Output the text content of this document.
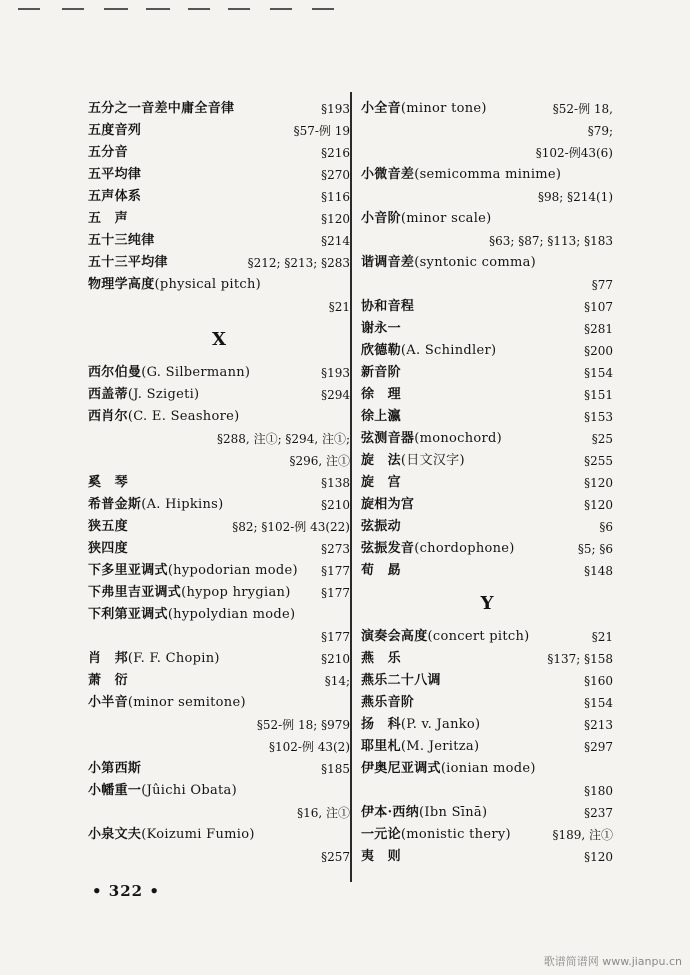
五分之一音差中庸全音律	§193
五度音列	§57-例 19
五分音	§216
五平均律	§270
五声体系	§116
五　声	§120
五十三纯律	§214
五十三平均律	§212; §213; §283
物理学高度(physical pitch)
§21
X
西尔伯曼(G. Silbermann)	§193
西盖蒂(J. Szigeti)	§294
西肖尔(C. E. Seashore)
§288, 注①; §294, 注①;
§296, 注①
奚　琴	§138
希普金斯(A. Hipkins)	§210
狭五度	§82; §102-例 43(22)
狭四度	§273
下多里亚调式(hypodorian mode) §177
下弗里吉亚调式(hypop hrygian)	§177
下利第亚调式(hypolydian mode)
§177
肖　邦(F. F. Chopin)	§210
萧　衍	§14;
小半音(minor semitone)
§52-例 18; §979
§102-例 43(2)
小第西斯	§185
小幡重一(Jûichi Obata)
§16, 注①
小泉文夫(Koizumi Fumio)
§257
小全音(minor tone)	§52-例 18,
§79;
§102-例43(6)
小微音差(semicomma minime)
§98; §214(1)
小音阶(minor scale)
§63; §87; §113; §183
谐调音差(syntonic comma)
§77
协和音程	§107
谢永一	§281
欣德勒(A. Schindler)	§200
新音阶	§154
徐　理	§151
徐上瀛	§153
弦测音器(monochord)	§25
旋　法(日文汉字)	§255
旋　宫	§120
旋相为宫	§120
弦振动	§6
弦振发音(chordophone)	§5; §6
荀　勗	§148
Y
演奏会高度(concert pitch)	§21
燕　乐	§137; §158
燕乐二十八调	§160
燕乐音阶	§154
扬　科(P. v. Janko)	§213
耶里札(M. Jeritza)	§297
伊奥尼亚调式(ionian mode)
§180
伊本·西纳(Ibn Sīnā)	§237
一元论(monistic thery)	§189, 注①
夷　则	§120
• 322 •
歌谱简谱网 www.jianpu.cn
